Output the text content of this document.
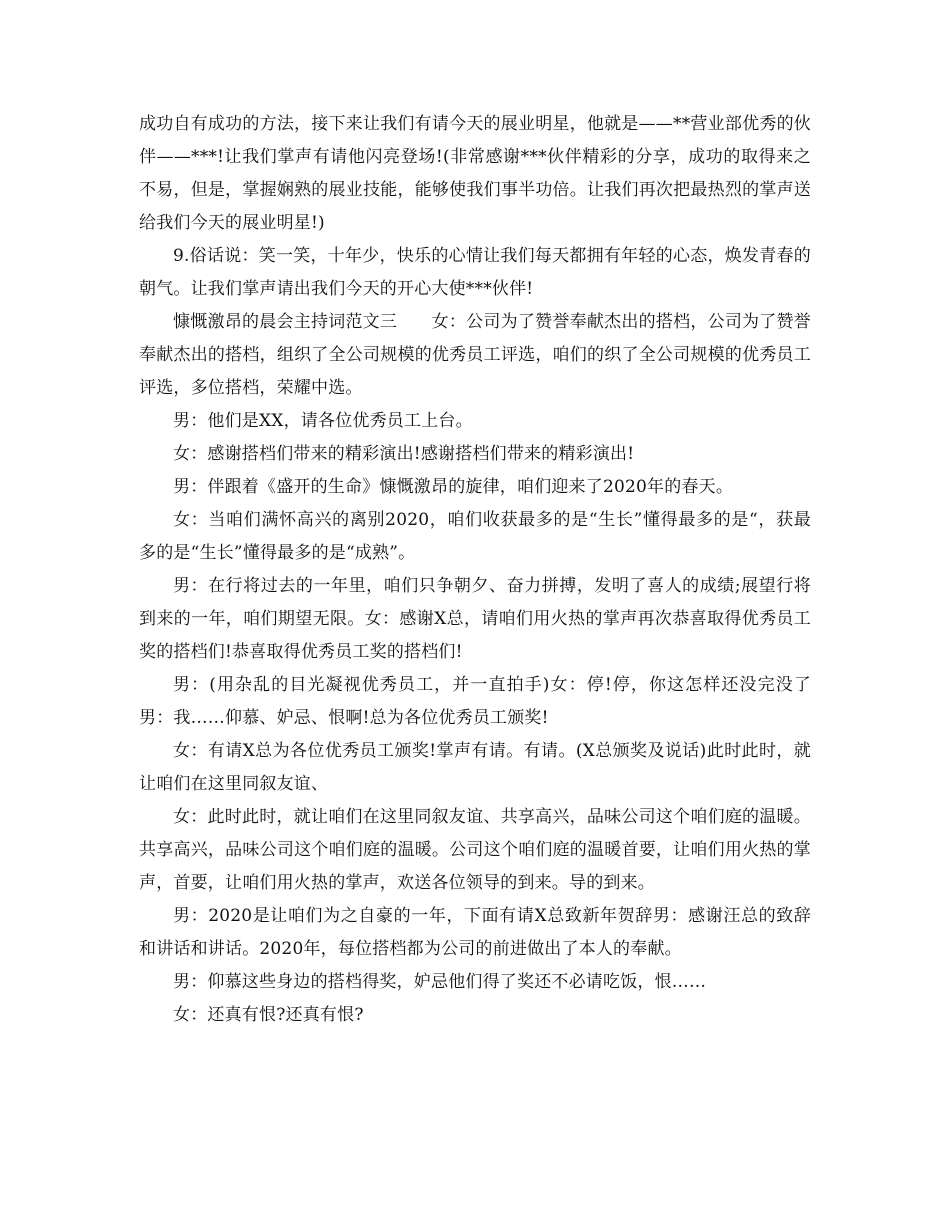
成功自有成功的方法，接下来让我们有请今天的展业明星，他就是——**营业部优秀的伙伴——***!让我们掌声有请他闪亮登场!(非常感谢***伙伴精彩的分享，成功的取得来之不易，但是，掌握娴熟的展业技能，能够使我们事半功倍。让我们再次把最热烈的掌声送给我们今天的展业明星!)

9.俗话说：笑一笑，十年少，快乐的心情让我们每天都拥有年轻的心态，焕发青春的朝气。让我们掌声请出我们今天的开心大使***伙伴!

慷慨激昂的晨会主持词范文三　　女：公司为了赞誉奉献杰出的搭档，公司为了赞誉奉献杰出的搭档，组织了全公司规模的优秀员工评选，咱们的织了全公司规模的优秀员工评选，多位搭档，荣耀中选。

男：他们是XX，请各位优秀员工上台。

女：感谢搭档们带来的精彩演出!感谢搭档们带来的精彩演出!

男：伴跟着《盛开的生命》慷慨激昂的旋律，咱们迎来了2020年的春天。

女：当咱们满怀高兴的离别2020，咱们收获最多的是“生长”懂得最多的是“，获最多的是“生长”懂得最多的是“成熟”。

男：在行将过去的一年里，咱们只争朝夕、奋力拼搏，发明了喜人的成绩;展望行将到来的一年，咱们期望无限。女：感谢X总，请咱们用火热的掌声再次恭喜取得优秀员工奖的搭档们!恭喜取得优秀员工奖的搭档们!

男：(用杂乱的目光凝视优秀员工，并一直拍手)女：停!停，你这怎样还没完没了男：我……仰慕、妒忌、恨啊!总为各位优秀员工颁奖!

女：有请X总为各位优秀员工颁奖!掌声有请。有请。(X总颁奖及说话)此时此时，就让咱们在这里同叙友谊、

女：此时此时，就让咱们在这里同叙友谊、共享高兴，品味公司这个咱们庭的温暖。共享高兴，品味公司这个咱们庭的温暖。公司这个咱们庭的温暖首要，让咱们用火热的掌声，首要，让咱们用火热的掌声，欢送各位领导的到来。导的到来。

男：2020是让咱们为之自豪的一年，下面有请X总致新年贺辞男：感谢汪总的致辞和讲话和讲话。2020年，每位搭档都为公司的前进做出了本人的奉献。

男：仰慕这些身边的搭档得奖，妒忌他们得了奖还不必请吃饭，恨……

女：还真有恨?还真有恨?
